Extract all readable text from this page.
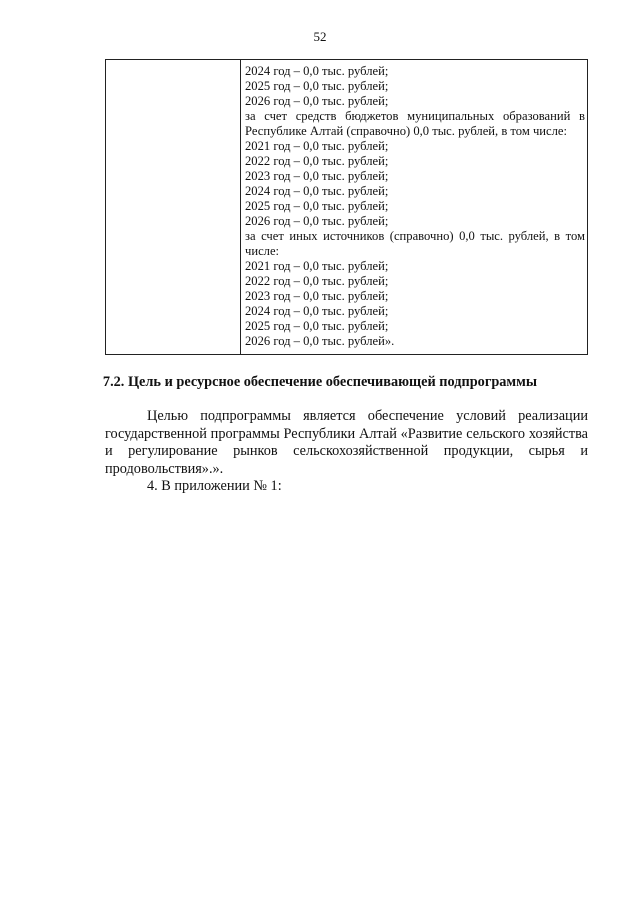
52

2024 год – 0,0 тыс. рублей;
2025 год – 0,0 тыс. рублей;
2026 год – 0,0 тыс. рублей;
за счет средств бюджетов муниципальных образований в Республике Алтай (справочно) 0,0 тыс. рублей, в том числе:
2021 год – 0,0 тыс. рублей;
2022 год – 0,0 тыс. рублей;
2023 год – 0,0 тыс. рублей;
2024 год – 0,0 тыс. рублей;
2025 год – 0,0 тыс. рублей;
2026 год – 0,0 тыс. рублей;
за счет иных источников (справочно) 0,0 тыс. рублей, в том числе:
2021 год – 0,0 тыс. рублей;
2022 год – 0,0 тыс. рублей;
2023 год – 0,0 тыс. рублей;
2024 год – 0,0 тыс. рублей;
2025 год – 0,0 тыс. рублей;
2026 год – 0,0 тыс. рублей».
7.2. Цель и ресурсное обеспечение обеспечивающей подпрограммы

Целью подпрограммы является обеспечение условий реализации государственной программы Республики Алтай «Развитие сельского хозяйства и регулирование рынков сельскохозяйственной продукции, сырья и продовольствия».».

4. В приложении № 1:
